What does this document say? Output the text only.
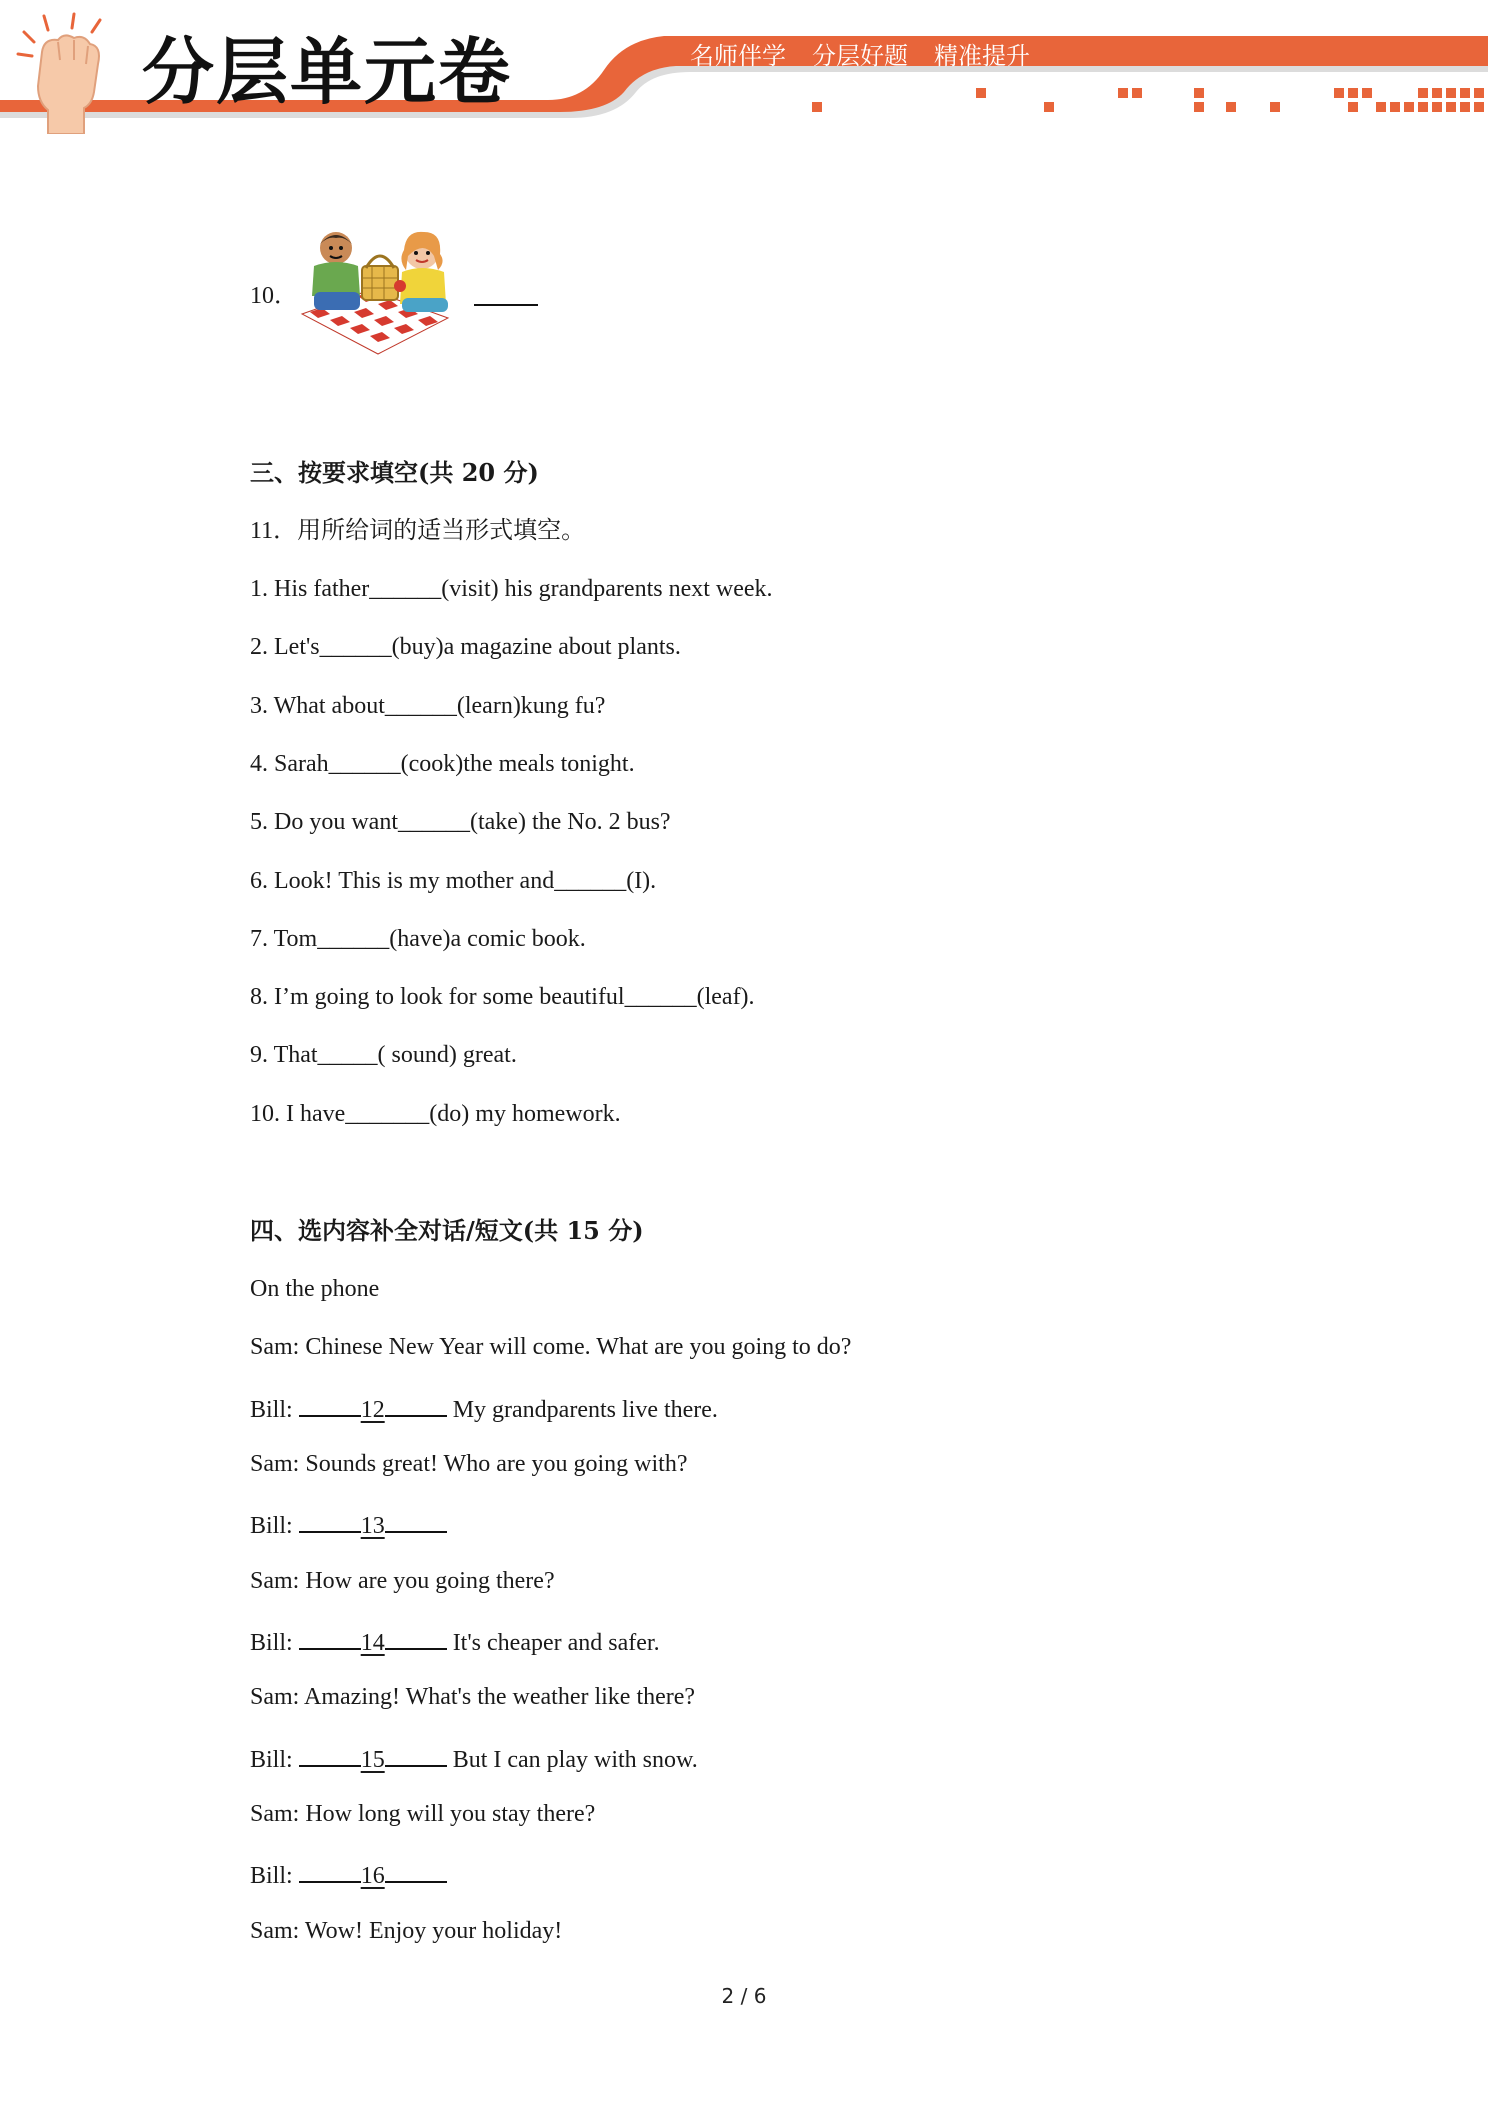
分层单元卷	名师伴学 分层好题 精准提升
10．
三、按要求填空(共 20 分)
11．用所给词的适当形式填空。
1. His father______(visit) his grandparents next week.
2. Let's______(buy)a magazine about plants.
3. What about______(learn)kung fu?
4. Sarah______(cook)the meals tonight.
5. Do you want______(take) the No. 2 bus?
6. Look! This is my mother and______(I).
7. Tom______(have)a comic book.
8. I’m going to look for some beautiful______(leaf).
9. That_____( sound) great.
10. I have_______(do) my homework.
四、选内容补全对话/短文(共 15 分)
On the phone
Sam: Chinese New Year will come. What are you going to do?
Bill:	12	My grandparents live there.
Sam: Sounds great! Who are you going with?
Bill:	13
Sam: How are you going there?
Bill:	14	It's cheaper and safer.
Sam: Amazing! What's the weather like there?
Bill:	15	But I can play with snow.
Sam: How long will you stay there?
Bill:	16
Sam: Wow! Enjoy your holiday!
2 / 6
